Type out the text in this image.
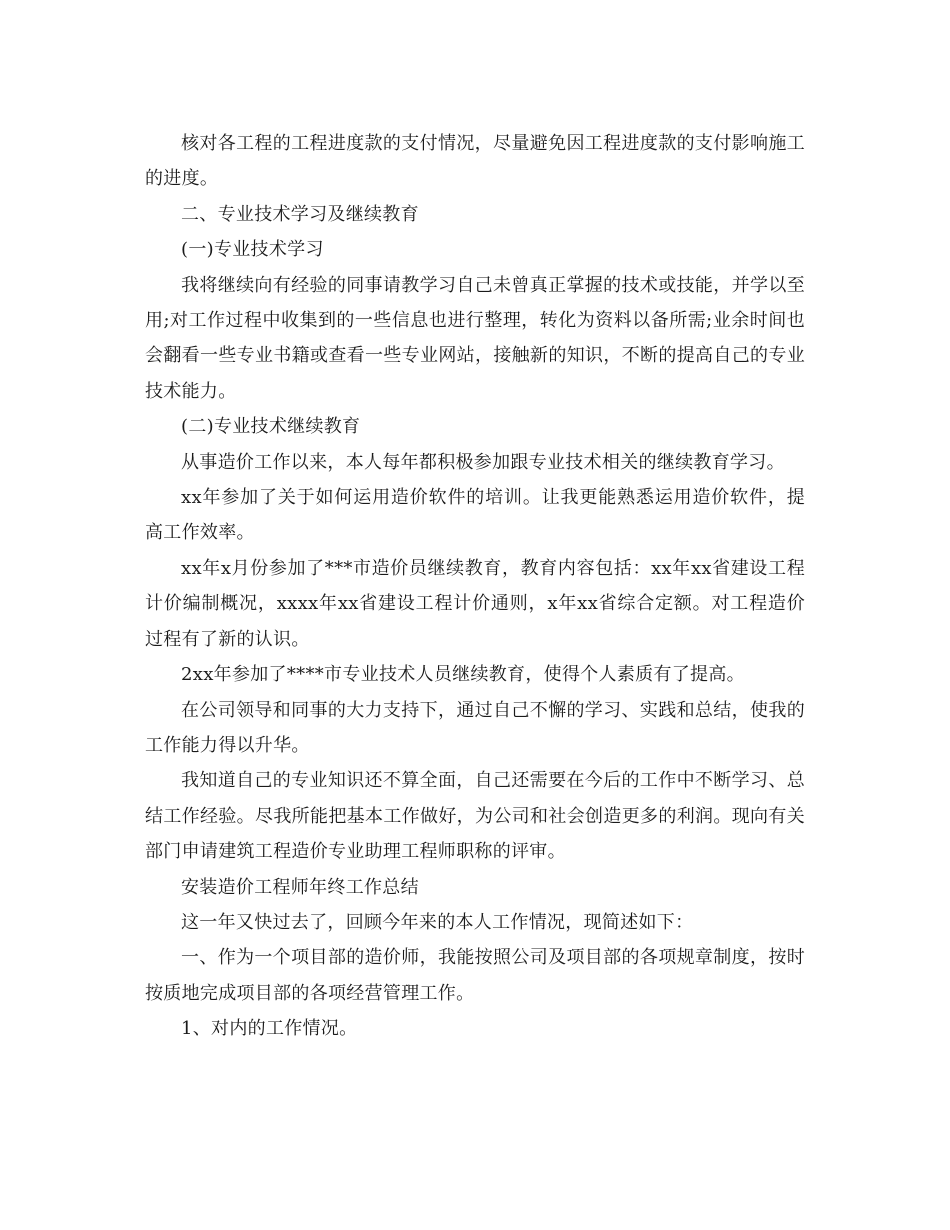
核对各工程的工程进度款的支付情况，尽量避免因工程进度款的支付影响施工的进度。

二、专业技术学习及继续教育

(一)专业技术学习

我将继续向有经验的同事请教学习自己未曾真正掌握的技术或技能，并学以至用;对工作过程中收集到的一些信息也进行整理，转化为资料以备所需;业余时间也会翻看一些专业书籍或查看一些专业网站，接触新的知识，不断的提高自己的专业技术能力。

(二)专业技术继续教育

从事造价工作以来，本人每年都积极参加跟专业技术相关的继续教育学习。

xx年参加了关于如何运用造价软件的培训。让我更能熟悉运用造价软件，提高工作效率。

xx年x月份参加了***市造价员继续教育，教育内容包括：xx年xx省建设工程计价编制概况，xxxx年xx省建设工程计价通则，x年xx省综合定额。对工程造价过程有了新的认识。

2xx年参加了****市专业技术人员继续教育，使得个人素质有了提高。

在公司领导和同事的大力支持下，通过自己不懈的学习、实践和总结，使我的工作能力得以升华。

我知道自己的专业知识还不算全面，自己还需要在今后的工作中不断学习、总结工作经验。尽我所能把基本工作做好，为公司和社会创造更多的利润。现向有关部门申请建筑工程造价专业助理工程师职称的评审。

安装造价工程师年终工作总结

这一年又快过去了，回顾今年来的本人工作情况，现简述如下：

一、作为一个项目部的造价师，我能按照公司及项目部的各项规章制度，按时按质地完成项目部的各项经营管理工作。

1、对内的工作情况。
